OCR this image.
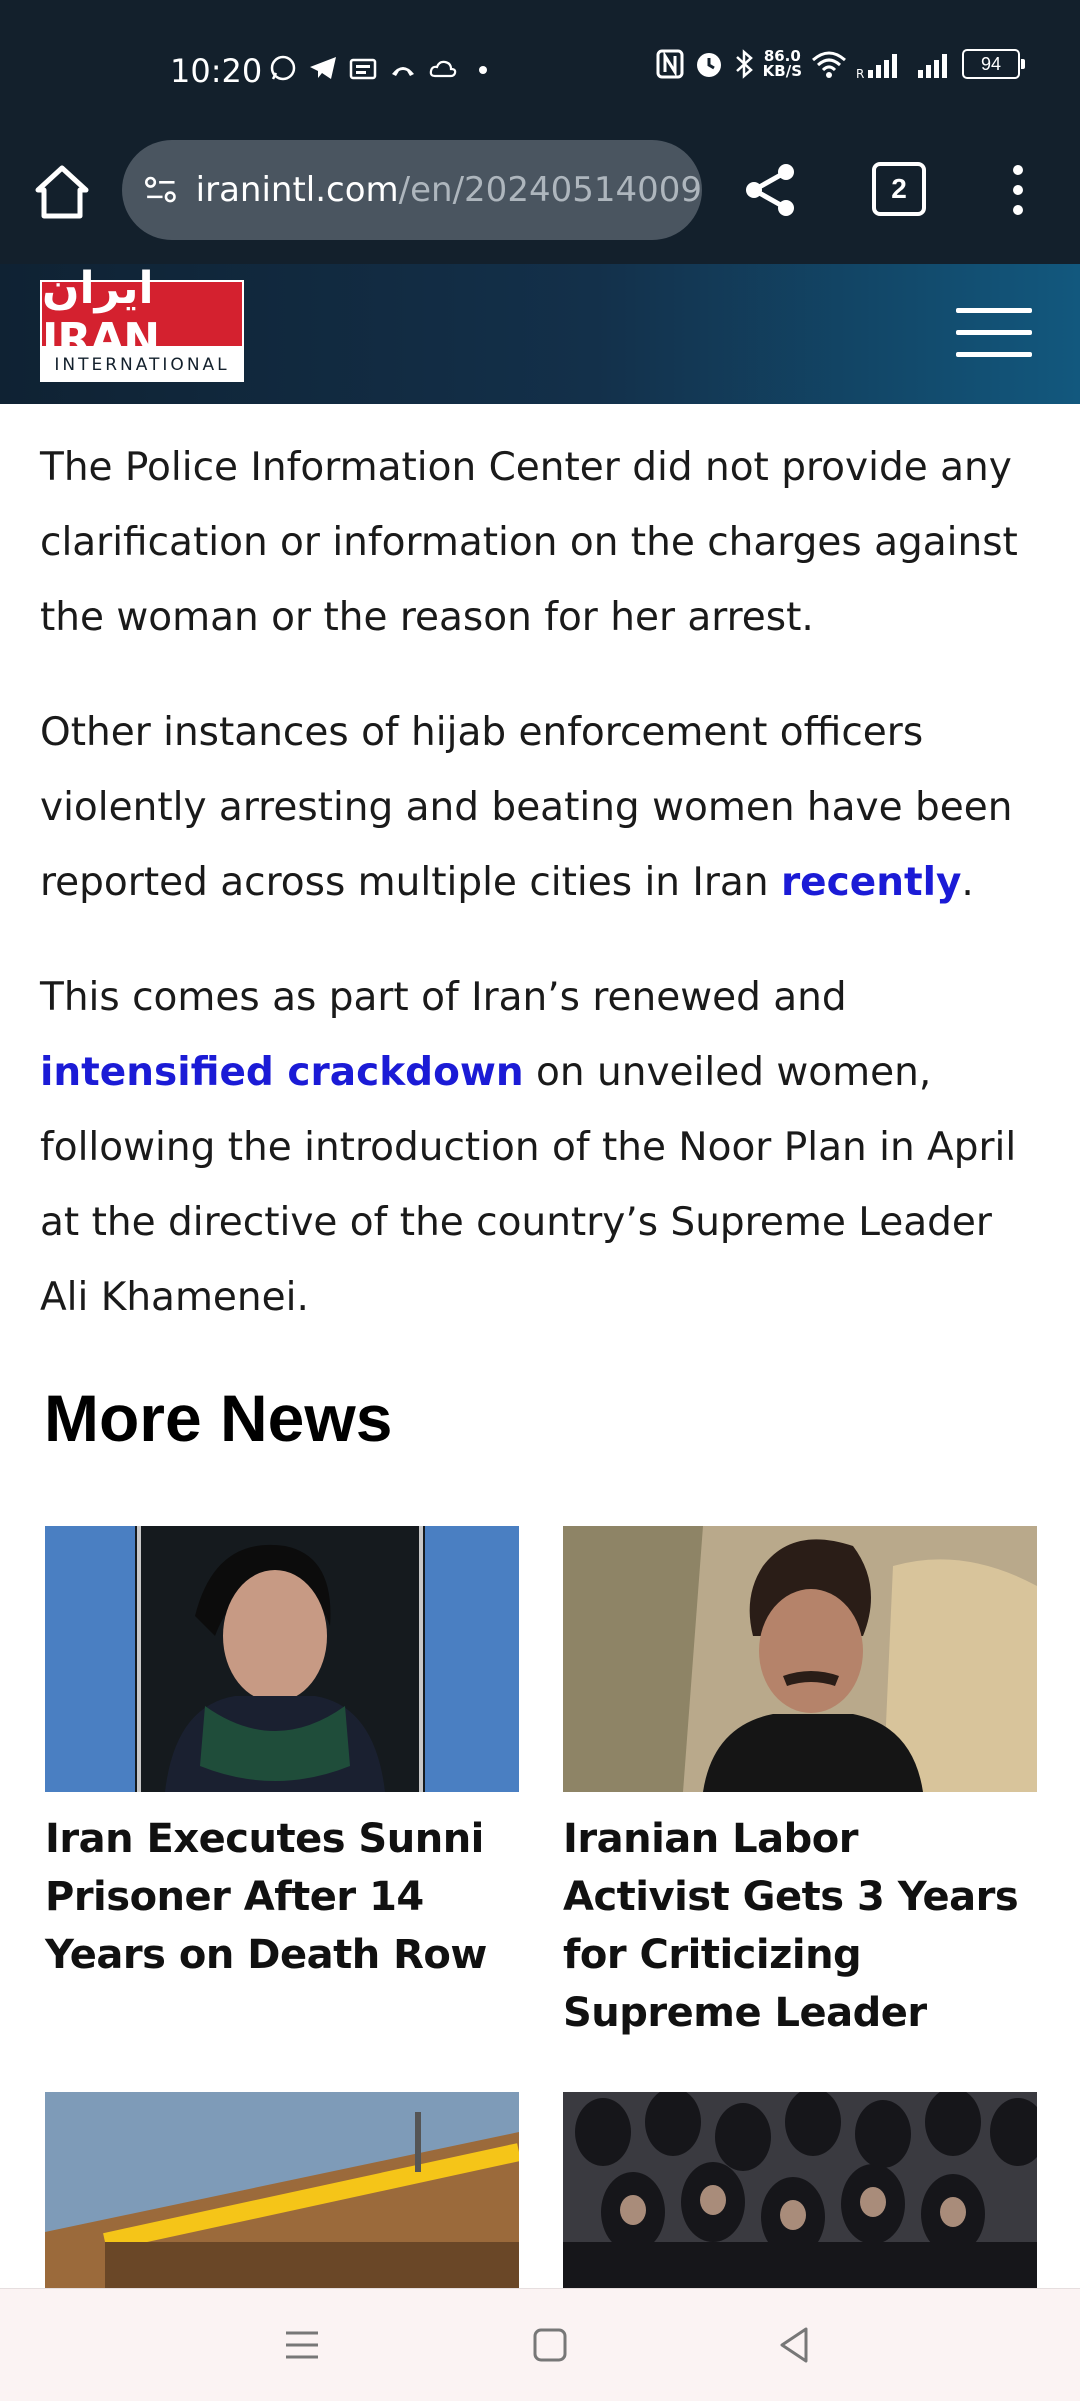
10:20	86.0
KB/S	R
94
iranintl.com/en/20240514009	2
ايران IRAN
INTERNATIONAL

The Police Information Center did not provide any clarification or information on the charges against the woman or the reason for her arrest.

Other instances of hijab enforcement officers violently arresting and beating women have been reported across multiple cities in Iran recently.

This comes as part of Iran’s renewed and intensified crackdown on unveiled women, following the introduction of the Noor Plan in April at the directive of the country’s Supreme Leader Ali Khamenei.

More News
Iran Executes Sunni Prisoner After 14 Years on Death Row
Iranian Labor Activist Gets 3 Years for Criticizing Supreme Leader
